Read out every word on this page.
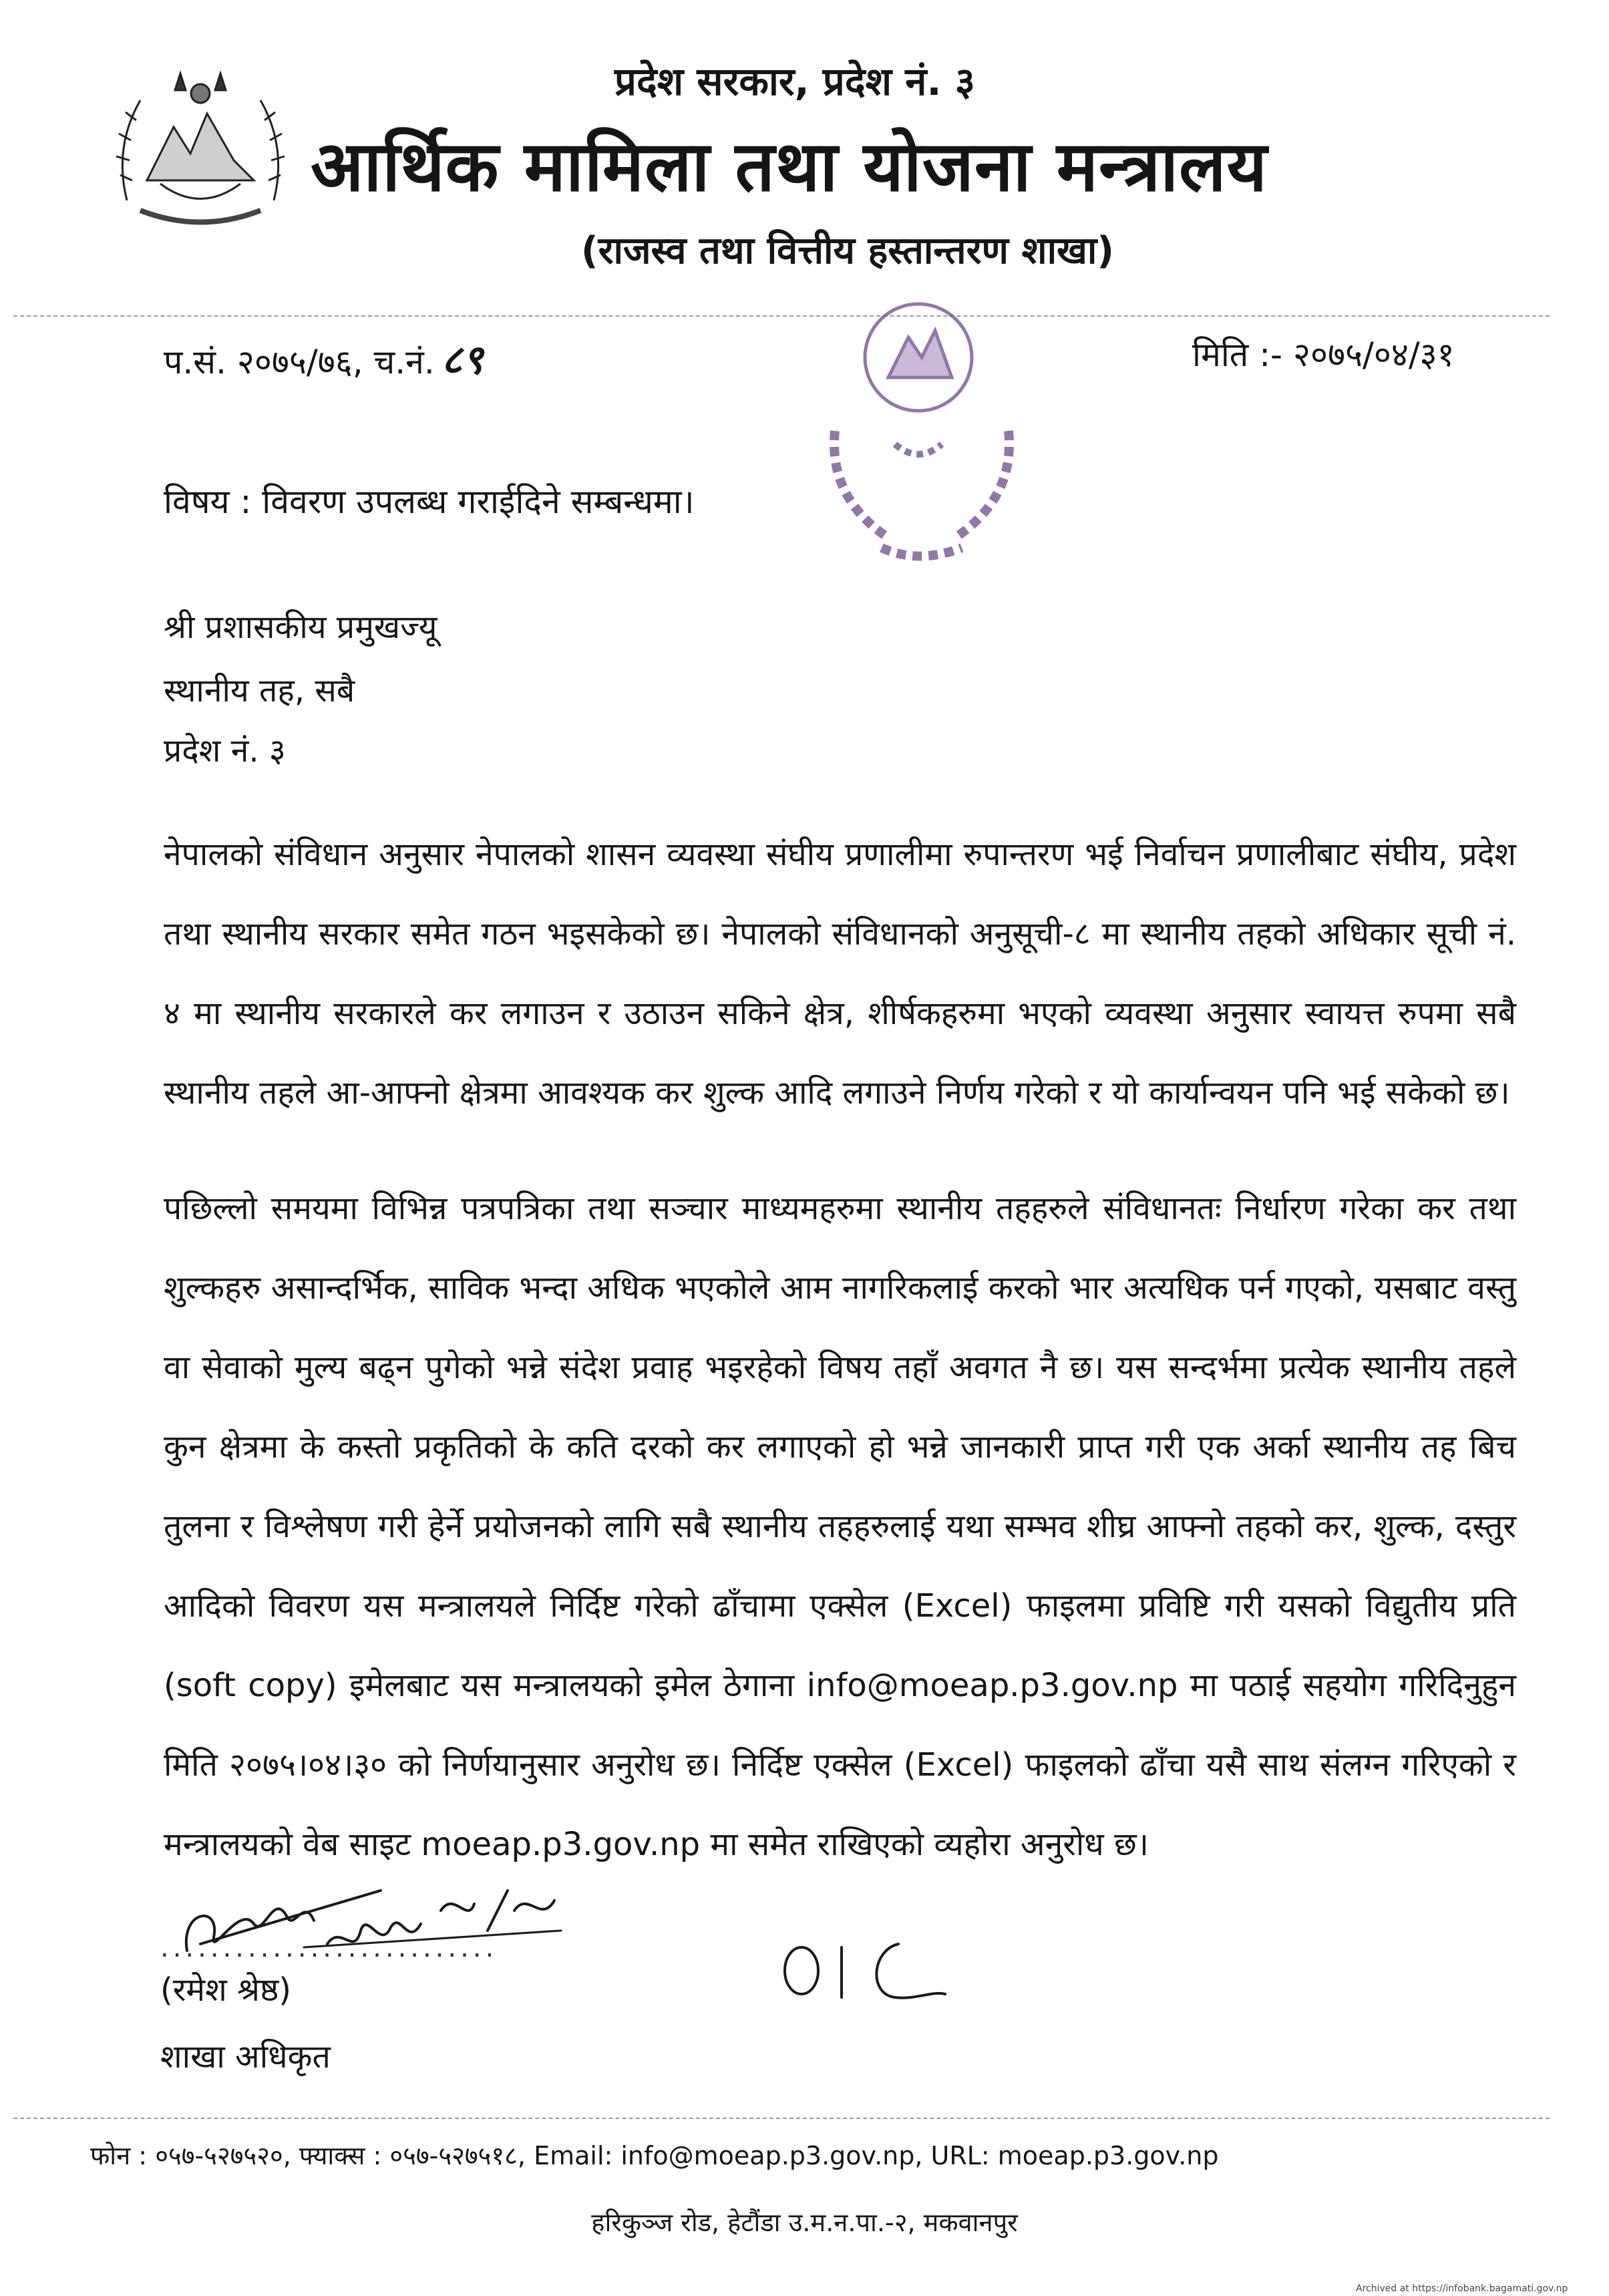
प्रदेश सरकार, प्रदेश नं. ३
आर्थिक मामिला तथा योजना मन्त्रालय
(राजस्व तथा वित्तीय हस्तान्तरण शाखा)
प.सं. २०७५/७६, च.नं. ८९	मिति :- २०७५/०४/३१
विषय : विवरण उपलब्ध गराईदिने सम्बन्धमा।
श्री प्रशासकीय प्रमुखज्यू
स्थानीय तह, सबै
प्रदेश नं. ३
नेपालको संविधान अनुसार नेपालको शासन व्यवस्था संघीय प्रणालीमा रुपान्तरण भई निर्वाचन प्रणालीबाट संघीय, प्रदेश तथा स्थानीय सरकार समेत गठन भइसकेको छ। नेपालको संविधानको अनुसूची-८ मा स्थानीय तहको अधिकार सूची नं. ४ मा स्थानीय सरकारले कर लगाउन र उठाउन सकिने क्षेत्र, शीर्षकहरुमा भएको व्यवस्था अनुसार स्वायत्त रुपमा सबै स्थानीय तहले आ-आफ्नो क्षेत्रमा आवश्यक कर शुल्क आदि लगाउने निर्णय गरेको र यो कार्यान्वयन पनि भई सकेको छ।
पछिल्लो समयमा विभिन्न पत्रपत्रिका तथा सञ्चार माध्यमहरुमा स्थानीय तहहरुले संविधानतः निर्धारण गरेका कर तथा शुल्कहरु असान्दर्भिक, साविक भन्दा अधिक भएकोले आम नागरिकलाई करको भार अत्यधिक पर्न गएको, यसबाट वस्तु वा सेवाको मुल्य बढ्न पुगेको भन्ने संदेश प्रवाह भइरहेको विषय तहाँ अवगत नै छ। यस सन्दर्भमा प्रत्येक स्थानीय तहले कुन क्षेत्रमा के कस्तो प्रकृतिको के कति दरको कर लगाएको हो भन्ने जानकारी प्राप्त गरी एक अर्का स्थानीय तह बिच तुलना र विश्लेषण गरी हेर्ने प्रयोजनको लागि सबै स्थानीय तहहरुलाई यथा सम्भव शीघ्र आफ्नो तहको कर, शुल्क, दस्तुर आदिको विवरण यस मन्त्रालयले निर्दिष्ट गरेको ढाँचामा एक्सेल (Excel) फाइलमा प्रविष्टि गरी यसको विद्युतीय प्रति (soft copy) इमेलबाट यस मन्त्रालयको इमेल ठेगाना info@moeap.p3.gov.np मा पठाई सहयोग गरिदिनुहुन मिति २०७५।०४।३० को निर्णयानुसार अनुरोध छ। निर्दिष्ट एक्सेल (Excel) फाइलको ढाँचा यसै साथ संलग्न गरिएको र मन्त्रालयको वेब साइट moeap.p3.gov.np मा समेत राखिएको व्यहोरा अनुरोध छ।
...........................
(रमेश श्रेष्ठ)
शाखा अधिकृत
फोन : ०५७-५२७५२०, फ्याक्स : ०५७-५२७५१८, Email: info@moeap.p3.gov.np, URL: moeap.p3.gov.np
हरिकुञ्ज रोड, हेटौंडा उ.म.न.पा.-२, मकवानपुर
Archived at https://infobank.bagamati.gov.np
